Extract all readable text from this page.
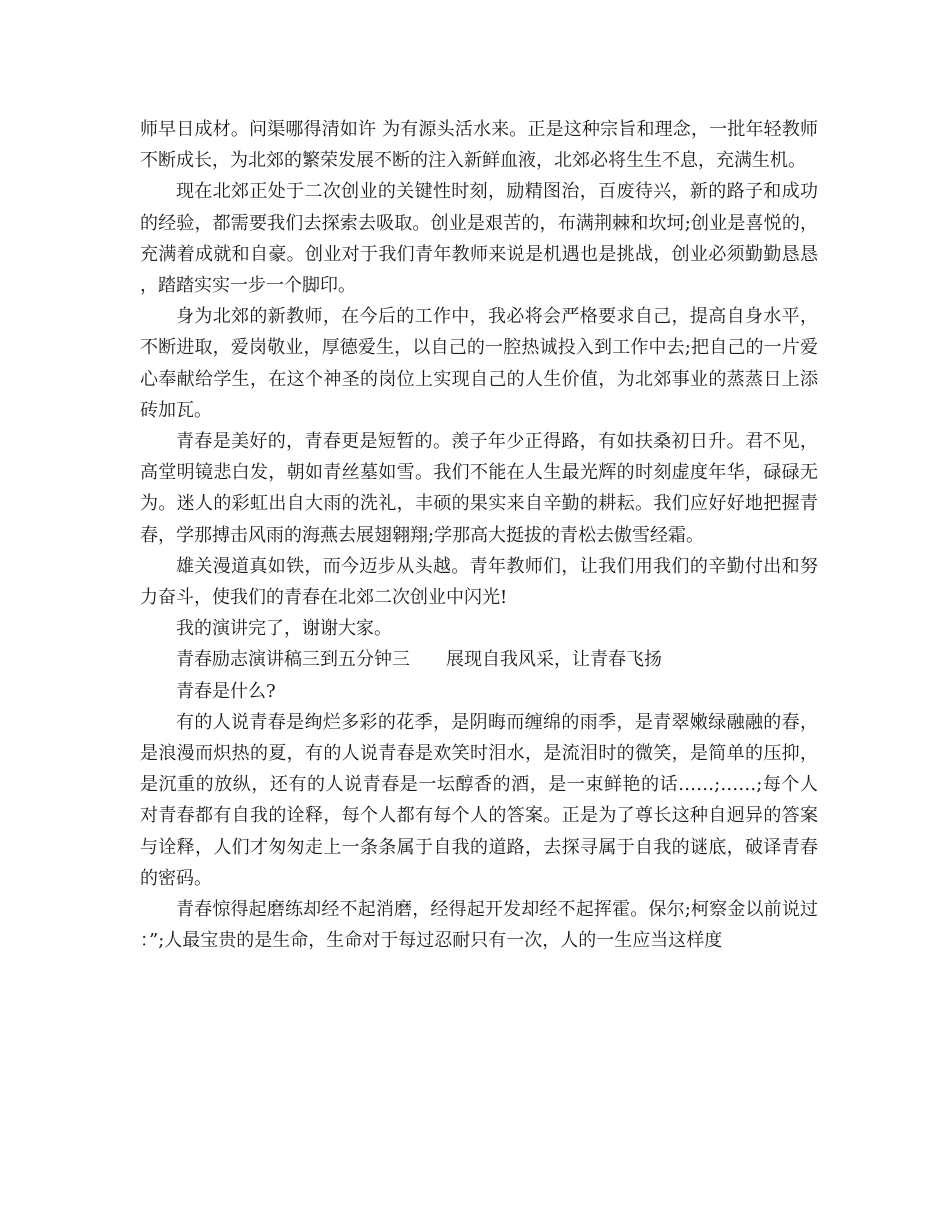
师早日成材。问渠哪得清如许 为有源头活水来。正是这种宗旨和理念，一批年轻教师不断成长，为北郊的繁荣发展不断的注入新鲜血液，北郊必将生生不息，充满生机。

现在北郊正处于二次创业的关键性时刻，励精图治，百废待兴，新的路子和成功的经验，都需要我们去探索去吸取。创业是艰苦的，布满荆棘和坎坷;创业是喜悦的，充满着成就和自豪。创业对于我们青年教师来说是机遇也是挑战，创业必须勤勤恳恳，踏踏实实一步一个脚印。

身为北郊的新教师，在今后的工作中，我必将会严格要求自己，提高自身水平，不断进取，爱岗敬业，厚德爱生，以自己的一腔热诚投入到工作中去;把自己的一片爱心奉献给学生，在这个神圣的岗位上实现自己的人生价值，为北郊事业的蒸蒸日上添砖加瓦。

青春是美好的，青春更是短暂的。羡子年少正得路，有如扶桑初日升。君不见，高堂明镜悲白发，朝如青丝墓如雪。我们不能在人生最光辉的时刻虚度年华，碌碌无为。迷人的彩虹出自大雨的洗礼，丰硕的果实来自辛勤的耕耘。我们应好好地把握青春，学那搏击风雨的海燕去展翅翱翔;学那高大挺拔的青松去傲雪经霜。

雄关漫道真如铁，而今迈步从头越。青年教师们，让我们用我们的辛勤付出和努力奋斗，使我们的青春在北郊二次创业中闪光!

我的演讲完了，谢谢大家。

青春励志演讲稿三到五分钟三　　展现自我风采，让青春飞扬

青春是什么?

有的人说青春是绚烂多彩的花季，是阴晦而缠绵的雨季，是青翠嫩绿融融的春，是浪漫而炽热的夏，有的人说青春是欢笑时泪水，是流泪时的微笑，是简单的压抑，是沉重的放纵，还有的人说青春是一坛醇香的酒，是一束鲜艳的话……;……;每个人对青春都有自我的诠释，每个人都有每个人的答案。正是为了尊长这种自迥异的答案与诠释，人们才匆匆走上一条条属于自我的道路，去探寻属于自我的谜底，破译青春的密码。

青春惊得起磨练却经不起消磨，经得起开发却经不起挥霍。保尔;柯察金以前说过：”;人最宝贵的是生命，生命对于每过忍耐只有一次，人的一生应当这样度
